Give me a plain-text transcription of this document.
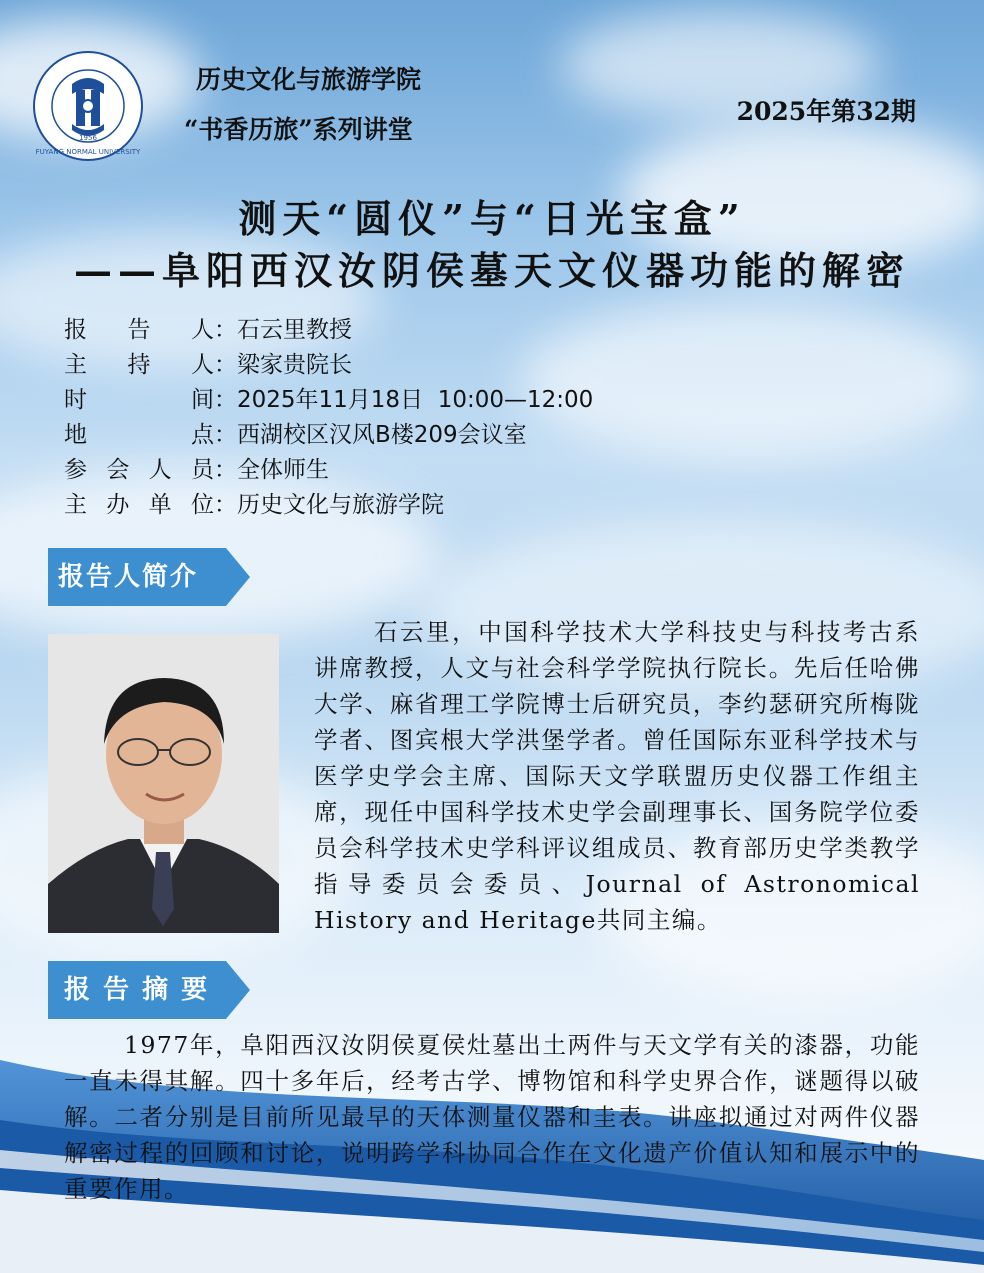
FUYANG NORMAL UNIVERSITY
1956
历史文化与旅游学院
“书香历旅”系列讲堂
2025年第32期
测天“圆仪”与“日光宝盒”
——阜阳西汉汝阴侯墓天文仪器功能的解密
报告人：石云里教授
主持人：梁家贵院长
时间：2025年11月18日  10:00—12:00
地点：西湖校区汉风B楼209会议室
参会人员：全体师生
主办单位：历史文化与旅游学院
报告人简介

石云里，中国科学技术大学科技史与科技考古系讲席教授，人文与社会科学学院执行院长。先后任哈佛大学、麻省理工学院博士后研究员，李约瑟研究所梅陇学者、图宾根大学洪堡学者。曾任国际东亚科学技术与医学史学会主席、国际天文学联盟历史仪器工作组主席，现任中国科学技术史学会副理事长、国务院学位委员会科学技术史学科评议组成员、教育部历史学类教学指导委员会委员、Journal of Astronomical History and Heritage共同主编。

报 告 摘 要

1977年，阜阳西汉汝阴侯夏侯灶墓出土两件与天文学有关的漆器，功能一直未得其解。四十多年后，经考古学、博物馆和科学史界合作，谜题得以破解。二者分别是目前所见最早的天体测量仪器和圭表。讲座拟通过对两件仪器解密过程的回顾和讨论，说明跨学科协同合作在文化遗产价值认知和展示中的重要作用。
